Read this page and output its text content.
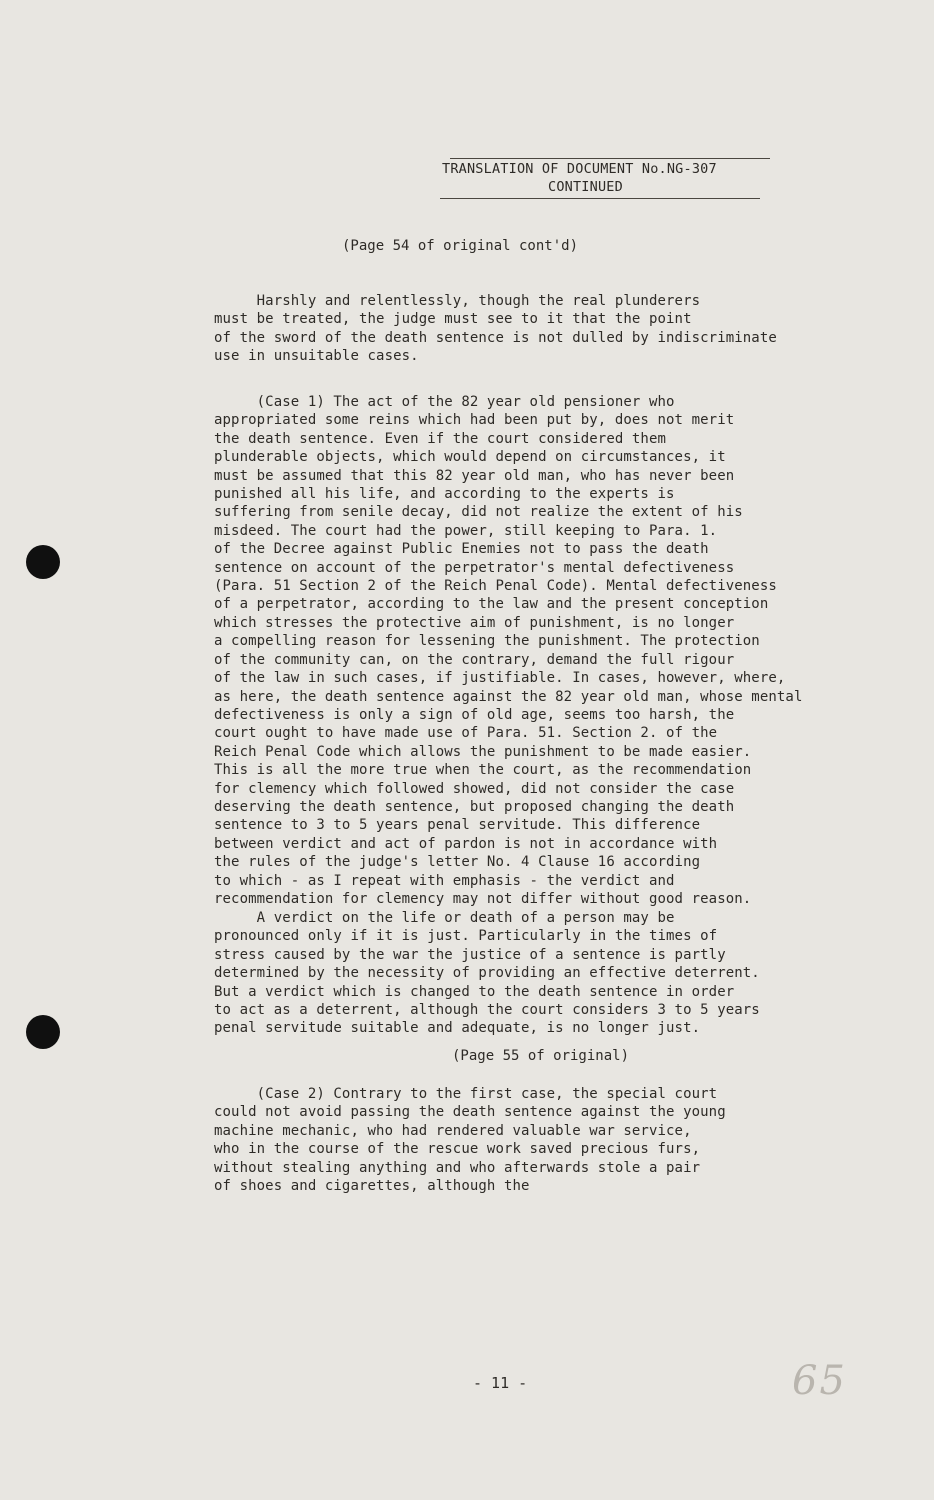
TRANSLATION OF DOCUMENT No.NG-307
CONTINUED
(Page 54 of original cont'd)
Harshly and relentlessly, though the real plunderers
must be treated, the judge must see to it that the point
of the sword of the death sentence is not dulled by indiscriminate
use in unsuitable cases.
(Case 1) The act of the 82 year old pensioner who
appropriated some reins which had been put by, does not merit
the death sentence. Even if the court considered them
plunderable objects, which would depend on circumstances, it
must be assumed that this 82 year old man, who has never been
punished all his life, and according to the experts is
suffering from senile decay, did not realize the extent of his
misdeed. The court had the power, still keeping to Para. 1.
of the Decree against Public Enemies not to pass the death
sentence on account of the perpetrator's mental defectiveness
(Para. 51 Section 2 of the Reich Penal Code). Mental defectiveness
of a perpetrator, according to the law and the present conception
which stresses the protective aim of punishment, is no longer
a compelling reason for lessening the punishment. The protection
of the community can, on the contrary, demand the full rigour
of the law in such cases, if justifiable. In cases, however, where,
as here, the death sentence against the 82 year old man, whose mental
defectiveness is only a sign of old age, seems too harsh, the
court ought to have made use of Para. 51. Section 2. of the
Reich Penal Code which allows the punishment to be made easier.
This is all the more true when the court, as the recommendation
for clemency which followed showed, did not consider the case
deserving the death sentence, but proposed changing the death
sentence to 3 to 5 years penal servitude. This difference
between verdict and act of pardon is not in accordance with
the rules of the judge's letter No. 4 Clause 16 according
to which - as I repeat with emphasis - the verdict and
recommendation for clemency may not differ without good reason.
A verdict on the life or death of a person may be
pronounced only if it is just. Particularly in the times of
stress caused by the war the justice of a sentence is partly
determined by the necessity of providing an effective deterrent.
But a verdict which is changed to the death sentence in order
to act as a deterrent, although the court considers 3 to 5 years
penal servitude suitable and adequate, is no longer just.
(Page 55 of original)
(Case 2) Contrary to the first case, the special court
could not avoid passing the death sentence against the young
machine mechanic, who had rendered valuable war service,
who in the course of the rescue work saved precious furs,
without stealing anything and who afterwards stole a pair
of shoes and cigarettes, although the
- 11 -	65
